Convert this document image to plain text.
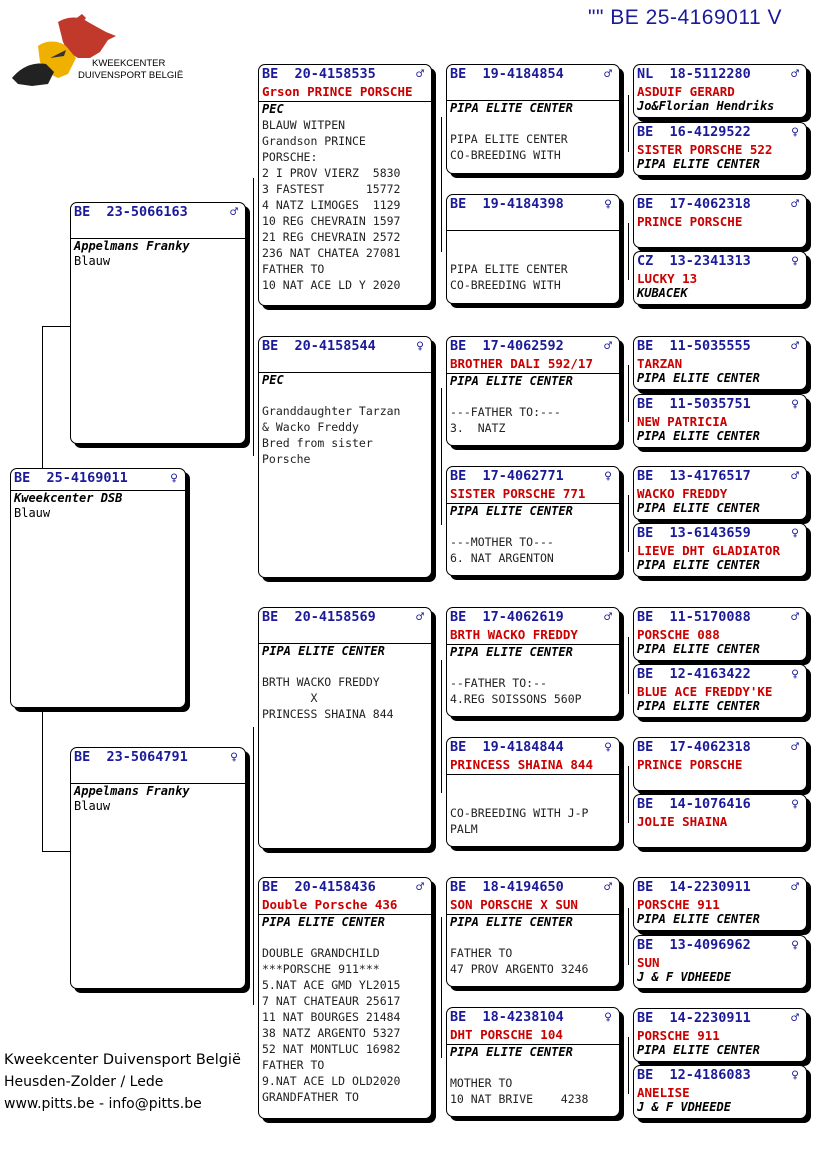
"" BE 25-4169011 V
KWEEKCENTER
DUIVENSPORT BELGIË
BE  25-4169011	♀
Kweekcenter DSB
Blauw
BE  23-5066163	♂
Appelmans Franky
Blauw
BE  23-5064791	♀
Appelmans Franky
Blauw
BE  20-4158535	♂
Grson PRINCE PORSCHE
PEC
BLAUW WITPEN
Grandson PRINCE
PORSCHE:
2 I PROV VIERZ  5830
3 FASTEST      15772
4 NATZ LIMOGES  1129
10 REG CHEVRAIN 1597
21 REG CHEVRAIN 2572
236 NAT CHATEA 27081
FATHER TO
10 NAT ACE LD Y 2020
BE  20-4158544	♀
PEC
Granddaughter Tarzan
& Wacko Freddy
Bred from sister
Porsche
BE  20-4158569	♂
PIPA ELITE CENTER
BRTH WACKO FREDDY
X
PRINCESS SHAINA 844
BE  20-4158436	♂
Double Porsche 436
PIPA ELITE CENTER
DOUBLE GRANDCHILD
***PORSCHE 911***
5.NAT ACE GMD YL2015
7 NAT CHATEAUR 25617
11 NAT BOURGES 21484
38 NATZ ARGENTO 5327
52 NAT MONTLUC 16982
FATHER TO
9.NAT ACE LD OLD2020
GRANDFATHER TO
BE  19-4184854	♂
PIPA ELITE CENTER
PIPA ELITE CENTER
CO-BREEDING WITH
BE  19-4184398	♀
PIPA ELITE CENTER
CO-BREEDING WITH
BE  17-4062592	♂
BROTHER DALI 592/17
PIPA ELITE CENTER
---FATHER TO:---
3.  NATZ
BE  17-4062771	♀
SISTER PORSCHE 771
PIPA ELITE CENTER
---MOTHER TO---
6. NAT ARGENTON
BE  17-4062619	♂
BRTH WACKO FREDDY
PIPA ELITE CENTER
--FATHER TO:--
4.REG SOISSONS 560P
BE  19-4184844	♀
PRINCESS SHAINA 844
CO-BREEDING WITH J-P
PALM
BE  18-4194650	♂
SON PORSCHE X SUN
PIPA ELITE CENTER
FATHER TO
47 PROV ARGENTO 3246
BE  18-4238104	♀
DHT PORSCHE 104
PIPA ELITE CENTER
MOTHER TO
10 NAT BRIVE    4238
NL  18-5112280	♂
ASDUIF GERARD
Jo&Florian Hendriks
BE  16-4129522	♀
SISTER PORSCHE 522
PIPA ELITE CENTER
BE  17-4062318	♂
PRINCE PORSCHE
CZ  13-2341313	♀
LUCKY 13
KUBACEK
BE  11-5035555	♂
TARZAN
PIPA ELITE CENTER
BE  11-5035751	♀
NEW PATRICIA
PIPA ELITE CENTER
BE  13-4176517	♂
WACKO FREDDY
PIPA ELITE CENTER
BE  13-6143659	♀
LIEVE DHT GLADIATOR
PIPA ELITE CENTER
BE  11-5170088	♂
PORSCHE 088
PIPA ELITE CENTER
BE  12-4163422	♀
BLUE ACE FREDDY'KE
PIPA ELITE CENTER
BE  17-4062318	♂
PRINCE PORSCHE
BE  14-1076416	♀
JOLIE SHAINA
BE  14-2230911	♂
PORSCHE 911
PIPA ELITE CENTER
BE  13-4096962	♀
SUN
J & F VDHEEDE
BE  14-2230911	♂
PORSCHE 911
PIPA ELITE CENTER
BE  12-4186083	♀
ANELISE
J & F VDHEEDE
Kweekcenter Duivensport België
Heusden-Zolder / Lede
www.pitts.be - info@pitts.be
